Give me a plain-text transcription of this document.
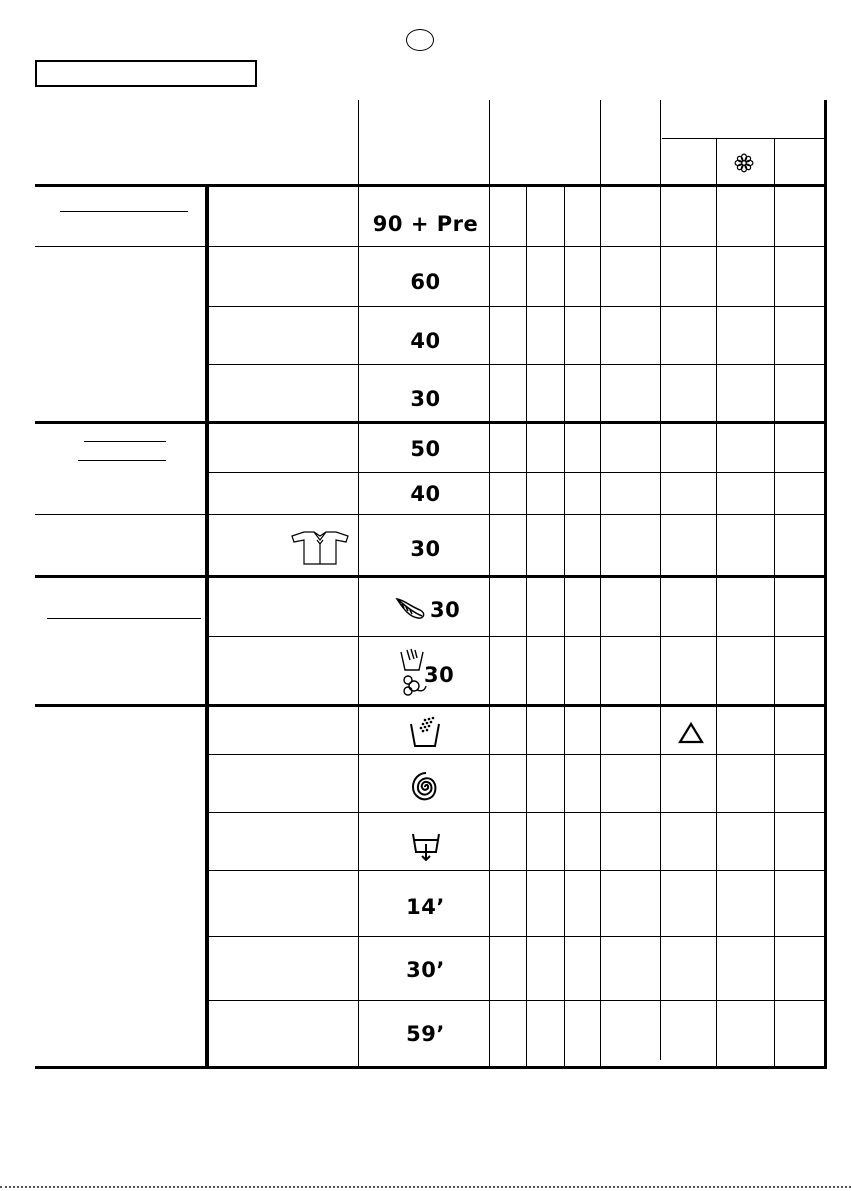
90 + Pre
60
40
30
50
40
30
30
30
14’
30’
59’
